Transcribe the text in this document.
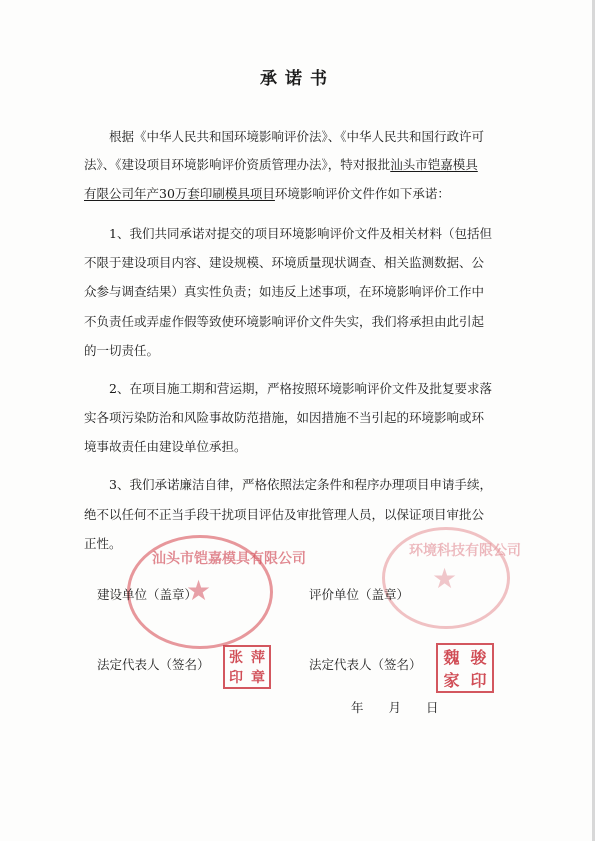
承诺书
根据《中华人民共和国环境影响评价法》、《中华人民共和国行政许可
法》、《建设项目环境影响评价资质管理办法》，特对报批汕头市铠嘉模具
有限公司年产30万套印刷模具项目环境影响评价文件作如下承诺：
1、我们共同承诺对提交的项目环境影响评价文件及相关材料（包括但
不限于建设项目内容、建设规模、环境质量现状调查、相关监测数据、公
众参与调查结果）真实性负责；如违反上述事项，在环境影响评价工作中
不负责任或弄虚作假等致使环境影响评价文件失实，我们将承担由此引起
的一切责任。
2、在项目施工期和营运期，严格按照环境影响评价文件及批复要求落
实各项污染防治和风险事故防范措施，如因措施不当引起的环境影响或环
境事故责任由建设单位承担。
3、我们承诺廉洁自律，严格依照法定条件和程序办理项目申请手续，
绝不以任何不正当手段干扰项目评估及审批管理人员，以保证项目审批公
正性。
汕头市铠嘉模具有限公司
★
环境科技有限公司
★
建设单位（盖章）	评价单位（盖章）
法定代表人（签名） 张 萍
印 章
法定代表人（签名） 魏 骏
家 印
年　　月　　日
